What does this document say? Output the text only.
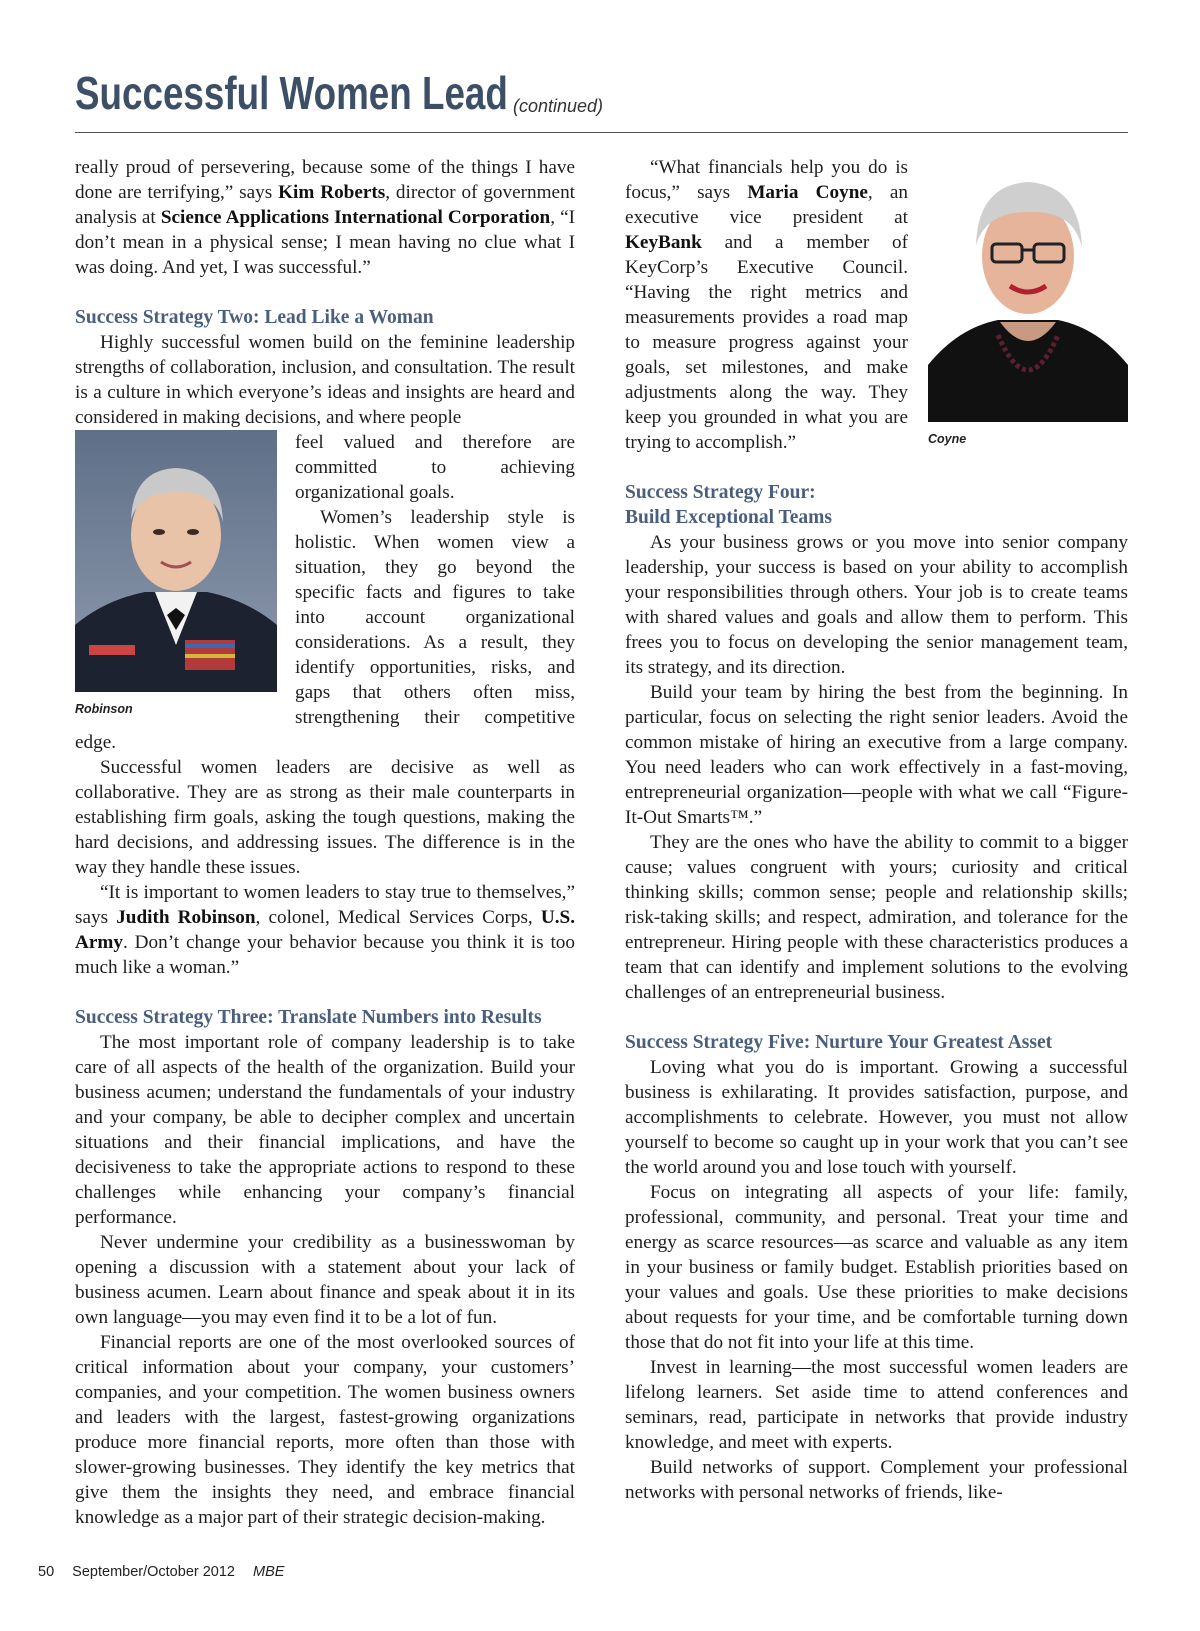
Successful Women Lead (continued)

really proud of persevering, because some of the things I have done are terrifying,” says Kim Roberts, director of government analysis at Science Applications International Corporation, “I don’t mean in a physical sense; I mean having no clue what I was doing. And yet, I was successful.”

Success Strategy Two: Lead Like a Woman

Highly successful women build on the feminine leadership strengths of collaboration, inclusion, and consultation. The result is a culture in which everyone’s ideas and insights are heard and considered in making decisions, and where people

Robinson

feel valued and therefore are committed to achieving organizational goals.

Women’s leadership style is holistic. When women view a situation, they go beyond the specific facts and figures to take into account organizational considerations. As a result, they identify opportunities, risks, and gaps that others often miss, strengthening their competitive edge.

Successful women leaders are decisive as well as collaborative. They are as strong as their male counterparts in establishing firm goals, asking the tough questions, making the hard decisions, and addressing issues. The difference is in the way they handle these issues.

“It is important to women leaders to stay true to themselves,” says Judith Robinson, colonel, Medical Services Corps, U.S. Army. Don’t change your behavior because you think it is too much like a woman.”

Success Strategy Three: Translate Numbers into Results

The most important role of company leadership is to take care of all aspects of the health of the organization. Build your business acumen; understand the fundamentals of your industry and your company, be able to decipher complex and uncertain situations and their financial implications, and have the decisiveness to take the appropriate actions to respond to these challenges while enhancing your company’s financial performance.

Never undermine your credibility as a businesswoman by opening a discussion with a statement about your lack of business acumen. Learn about finance and speak about it in its own language—you may even find it to be a lot of fun.

Financial reports are one of the most overlooked sources of critical information about your company, your customers’ companies, and your competition. The women business owners and leaders with the largest, fastest-growing organizations produce more financial reports, more often than those with slower-growing businesses. They identify the key metrics that give them the insights they need, and embrace financial knowledge as a major part of their strategic decision-making.

Coyne

“What financials help you do is focus,” says Maria Coyne, an executive vice president at KeyBank and a member of KeyCorp’s Executive Council. “Having the right metrics and measurements provides a road map to measure progress against your goals, set milestones, and make adjustments along the way. They keep you grounded in what you are trying to accomplish.”

Success Strategy Four:
Build Exceptional Teams

As your business grows or you move into senior company leadership, your success is based on your ability to accomplish your responsibilities through others. Your job is to create teams with shared values and goals and allow them to perform. This frees you to focus on developing the senior management team, its strategy, and its direction.

Build your team by hiring the best from the beginning. In particular, focus on selecting the right senior leaders. Avoid the common mistake of hiring an executive from a large company. You need leaders who can work effectively in a fast-moving, entrepreneurial organization—people with what we call “Figure-It-Out Smarts™.”

They are the ones who have the ability to commit to a bigger cause; values congruent with yours; curiosity and critical thinking skills; common sense; people and relationship skills; risk-taking skills; and respect, admiration, and tolerance for the entrepreneur. Hiring people with these characteristics produces a team that can identify and implement solutions to the evolving challenges of an entrepreneurial business.

Success Strategy Five: Nurture Your Greatest Asset

Loving what you do is important. Growing a successful business is exhilarating. It provides satisfaction, purpose, and accomplishments to celebrate. However, you must not allow yourself to become so caught up in your work that you can’t see the world around you and lose touch with yourself.

Focus on integrating all aspects of your life: family, professional, community, and personal. Treat your time and energy as scarce resources—as scarce and valuable as any item in your business or family budget. Establish priorities based on your values and goals. Use these priorities to make decisions about requests for your time, and be comfortable turning down those that do not fit into your life at this time.

Invest in learning—the most successful women leaders are lifelong learners. Set aside time to attend conferences and seminars, read, participate in networks that provide industry knowledge, and meet with experts.

Build networks of support. Complement your professional networks with personal networks of friends, like-

50 September/October 2012 MBE
